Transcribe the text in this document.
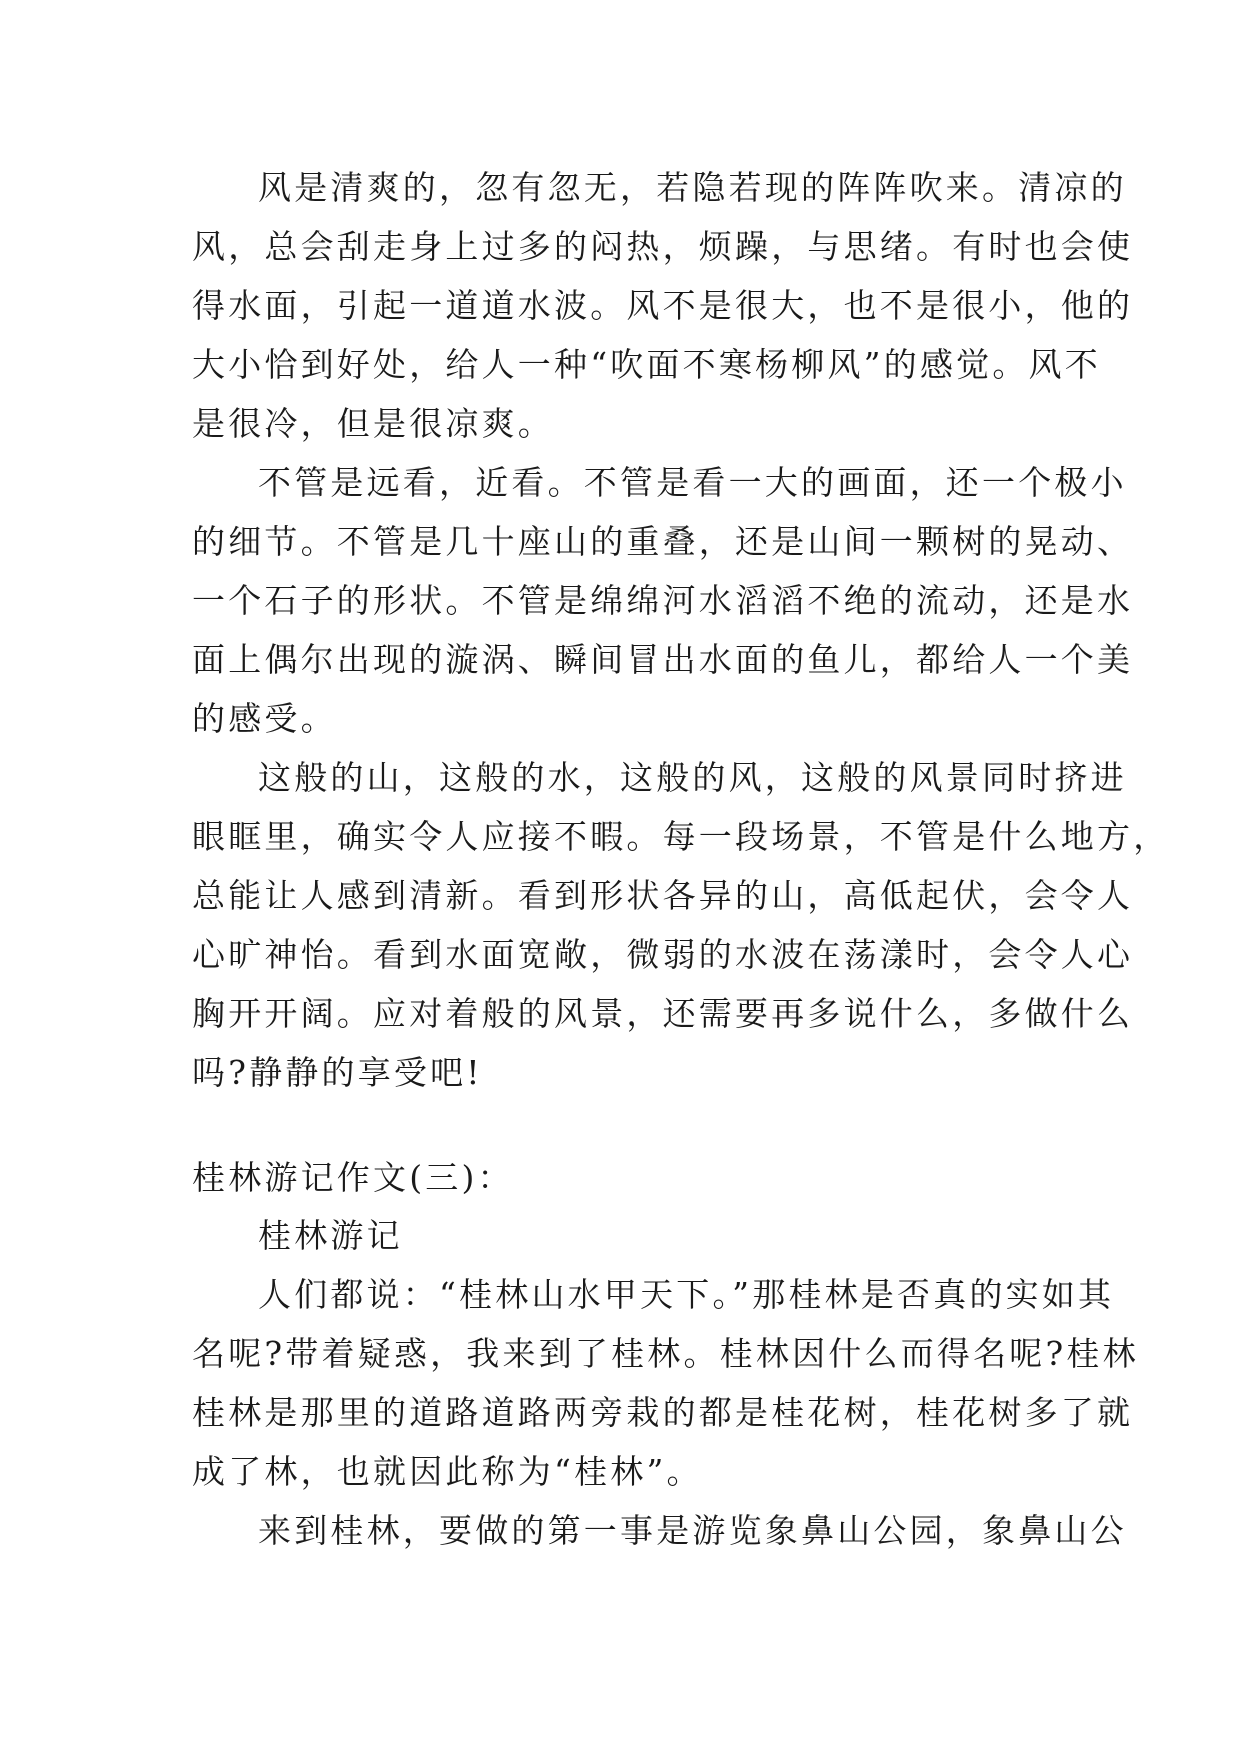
风是清爽的，忽有忽无，若隐若现的阵阵吹来。清凉的
风，总会刮走身上过多的闷热，烦躁，与思绪。有时也会使
得水面，引起一道道水波。风不是很大，也不是很小，他的
大小恰到好处，给人一种“吹面不寒杨柳风”的感觉。风不
是很冷，但是很凉爽。
不管是远看，近看。不管是看一大的画面，还一个极小
的细节。不管是几十座山的重叠，还是山间一颗树的晃动、
一个石子的形状。不管是绵绵河水滔滔不绝的流动，还是水
面上偶尔出现的漩涡、瞬间冒出水面的鱼儿，都给人一个美
的感受。
这般的山，这般的水，这般的风，这般的风景同时挤进
眼眶里，确实令人应接不暇。每一段场景，不管是什么地方，
总能让人感到清新。看到形状各异的山，高低起伏，会令人
心旷神怡。看到水面宽敞，微弱的水波在荡漾时，会令人心
胸开开阔。应对着般的风景，还需要再多说什么，多做什么
吗?静静的享受吧!
桂林游记作文(三)：
桂林游记
人们都说：“桂林山水甲天下。”那桂林是否真的实如其
名呢?带着疑惑，我来到了桂林。桂林因什么而得名呢?桂林
桂林是那里的道路道路两旁栽的都是桂花树，桂花树多了就
成了林，也就因此称为“桂林”。
来到桂林，要做的第一事是游览象鼻山公园，象鼻山公
